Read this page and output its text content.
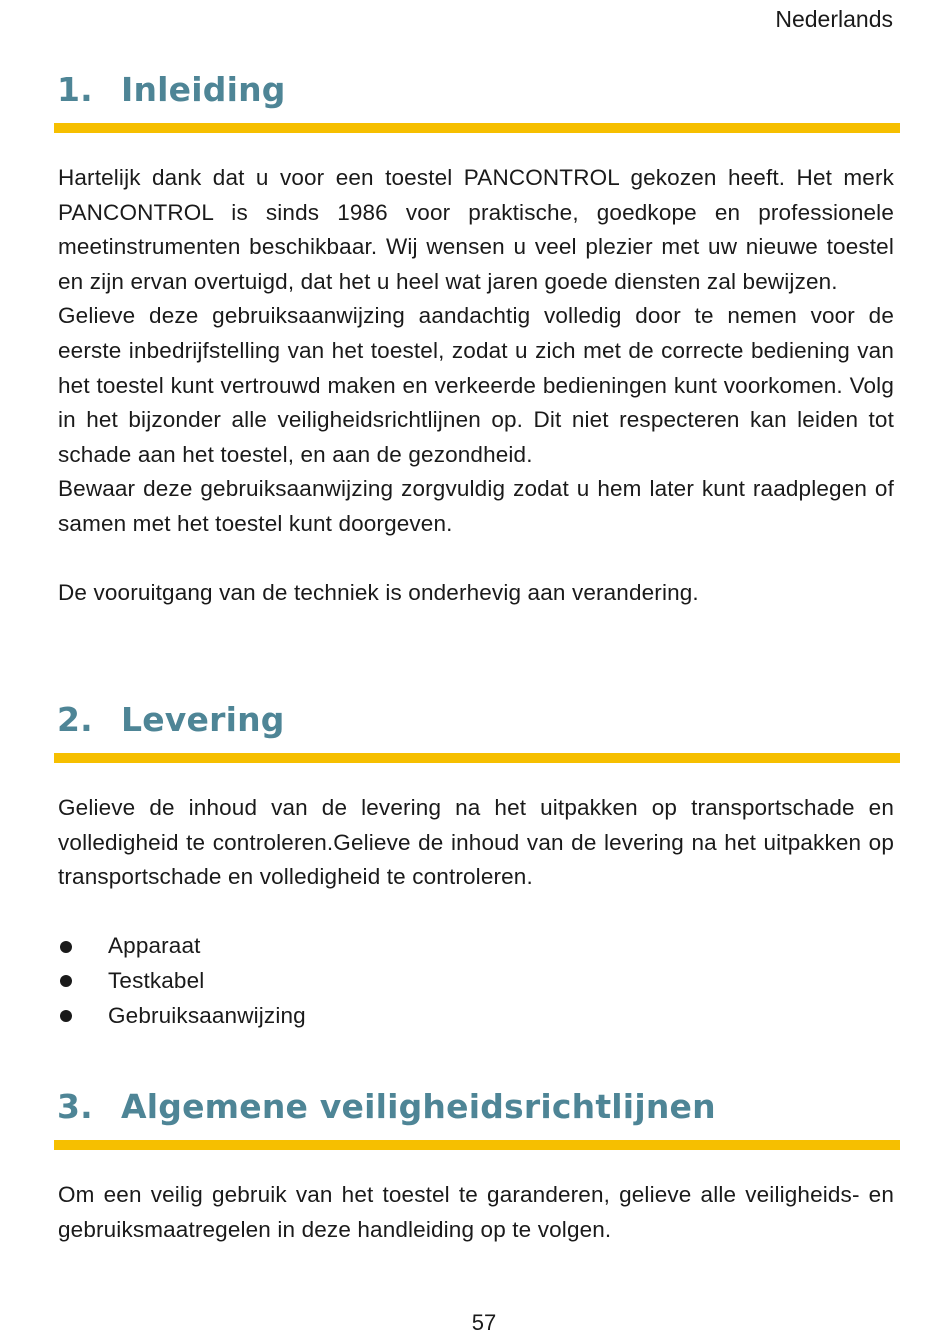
Nederlands
1. Inleiding

Hartelijk dank dat u voor een toestel PANCONTROL gekozen heeft. Het merk PANCONTROL is sinds 1986 voor praktische, goedkope en professionele meetinstrumenten beschikbaar. Wij wensen u veel plezier met uw nieuwe toestel en zijn ervan overtuigd, dat het u heel wat jaren goede diensten zal bewijzen.

Gelieve deze gebruiksaanwijzing aandachtig volledig door te nemen voor de eerste inbedrijfstelling van het toestel, zodat u zich met de correcte bediening van het toestel kunt vertrouwd maken en verkeerde bedieningen kunt voorkomen. Volg in het bijzonder alle veiligheidsrichtlijnen op. Dit niet respecteren kan leiden tot schade aan het toestel, en aan de gezondheid.

Bewaar deze gebruiksaanwijzing zorgvuldig zodat u hem later kunt raadplegen of samen met het toestel kunt doorgeven.

De vooruitgang van de techniek is onderhevig aan verandering.

2. Levering

Gelieve de inhoud van de levering na het uitpakken op transportschade en volledigheid te controleren.Gelieve de inhoud van de levering na het uitpakken op transportschade en volledigheid te controleren.

Apparaat
Testkabel
Gebruiksaanwijzing
3. Algemene veiligheidsrichtlijnen

Om een veilig gebruik van het toestel te garanderen, gelieve alle veiligheids- en gebruiksmaatregelen in deze handleiding op te volgen.

57
